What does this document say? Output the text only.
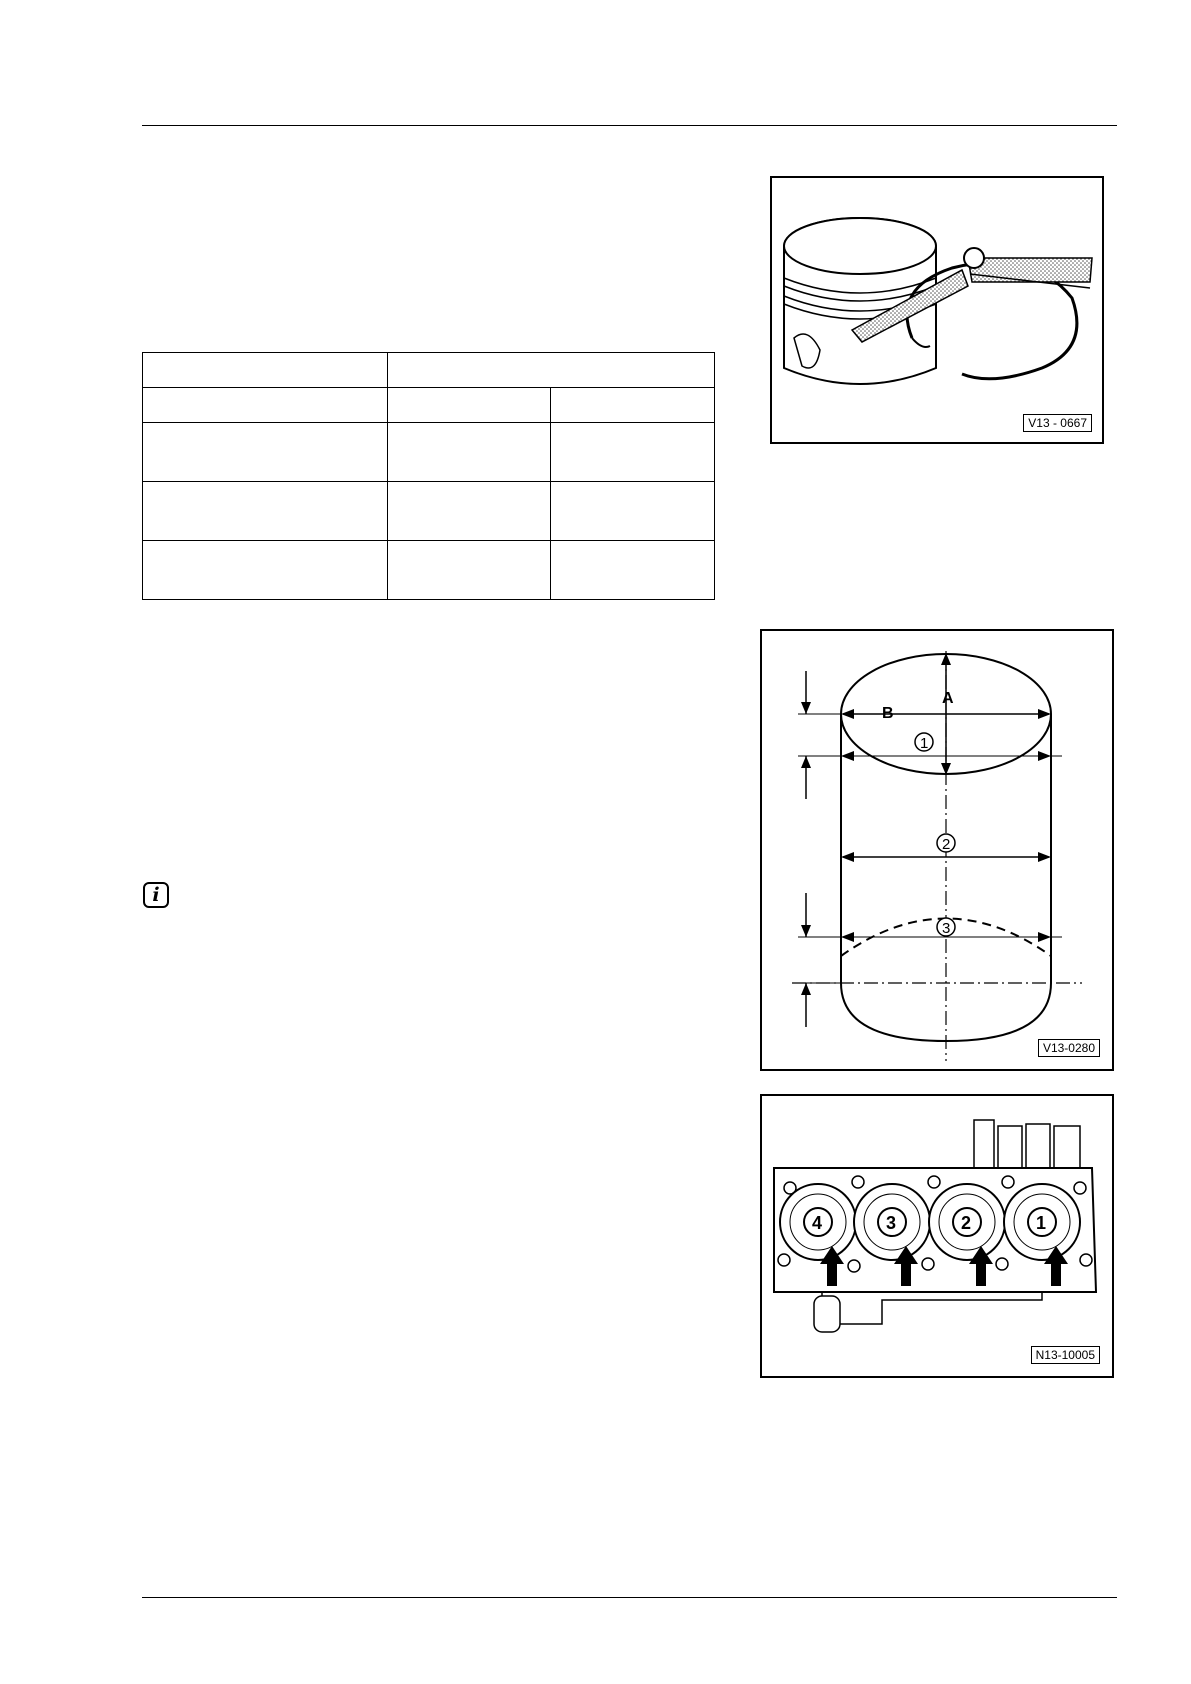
V13 - 0667
A
B
1
2
3
V13-0280
4	3	2	1
N13-10005
i
